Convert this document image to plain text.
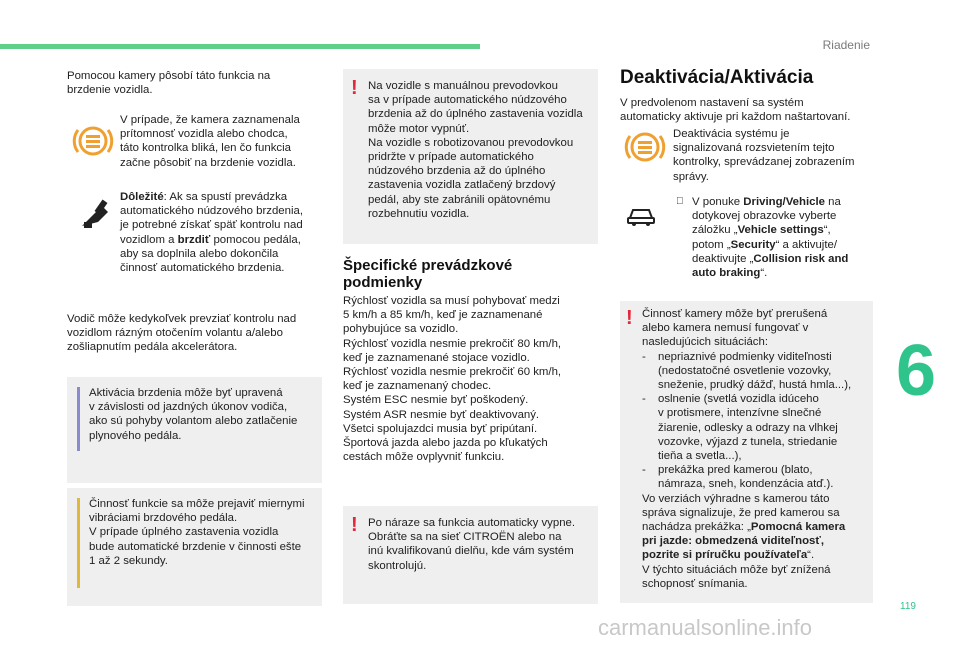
Riadenie
6
119
Pomocou kamery pôsobí táto funkcia na
brzdenie vozidla.
V prípade, že kamera zaznamenala
prítomnosť vozidla alebo chodca,
táto kontrolka bliká, len čo funkcia
začne pôsobiť na brzdenie vozidla.
Dôležité: Ak sa spustí prevádzka
automatického núdzového brzdenia,
je potrebné získať späť kontrolu nad
vozidlom a brzdiť pomocou pedála,
aby sa doplnila alebo dokončila
činnosť automatického brzdenia.
Vodič môže kedykoľvek prevziať kontrolu nad
vozidlom rázným otočením volantu a/alebo
zošliapnutím pedála akcelerátora.
Aktivácia brzdenia môže byť upravená
v závislosti od jazdných úkonov vodiča,
ako sú pohyby volantom alebo zatlačenie
plynového pedála.
Činnosť funkcie sa môže prejaviť miernymi
vibráciami brzdového pedála.
V prípade úplného zastavenia vozidla
bude automatické brzdenie v činnosti ešte
1 až 2 sekundy.
! Na vozidle s manuálnou prevodovkou
sa v prípade automatického núdzového
brzdenia až do úplného zastavenia vozidla
môže motor vypnúť.
Na vozidle s robotizovanou prevodovkou
pridržte v prípade automatického
núdzového brzdenia až do úplného
zastavenia vozidla zatlačený brzdový
pedál, aby ste zabránili opätovnému
rozbehnutiu vozidla.
Špecifické prevádzkové
podmienky
Rýchlosť vozidla sa musí pohybovať medzi
5 km/h a 85 km/h, keď je zaznamenané
pohybujúce sa vozidlo.
Rýchlosť vozidla nesmie prekročiť 80 km/h,
keď je zaznamenané stojace vozidlo.
Rýchlosť vozidla nesmie prekročiť 60 km/h,
keď je zaznamenaný chodec.
Systém ESC nesmie byť poškodený.
Systém ASR nesmie byť deaktivovaný.
Všetci spolujazdci musia byť pripútaní.
Športová jazda alebo jazda po kľukatých
cestách môže ovplyvniť funkciu.
! Po náraze sa funkcia automaticky vypne.
Obráťte sa na sieť CITROËN alebo na
inú kvalifikovanú dielňu, kde vám systém
skontrolujú.
Deaktivácia/Aktivácia
V predvolenom nastavení sa systém
automaticky aktivuje pri každom naštartovaní.
Deaktivácia systému je
signalizovaná rozsvietením tejto
kontrolky, sprevádzanej zobrazením
správy.
V ponuke Driving/Vehicle na
dotykovej obrazovke vyberte
záložku „Vehicle settings“,
potom „Security“ a aktivujte/
deaktivujte „Collision risk and
auto braking“.
! Činnosť kamery môže byť prerušená
alebo kamera nemusí fungovať v
nasledujúcich situáciách:

- nepriaznivé podmienky viditeľnosti
(nedostatočné osvetlenie vozovky,
sneženie, prudký dážď, hustá hmla...),
- oslnenie (svetlá vozidla idúceho
v protismere, intenzívne slnečné
žiarenie, odlesky a odrazy na vlhkej
vozovke, výjazd z tunela, striedanie
tieňa a svetla...),
- prekážka pred kamerou (blato,
námraza, sneh, kondenzácia atď.).
Vo verziách výhradne s kamerou táto
správa signalizuje, že pred kamerou sa
nachádza prekážka: „Pomocná kamera
pri jazde: obmedzená viditeľnosť,
pozrite si príručku používateľa“.
V týchto situáciách môže byť znížená
schopnosť snímania.
carmanualsonline.info
